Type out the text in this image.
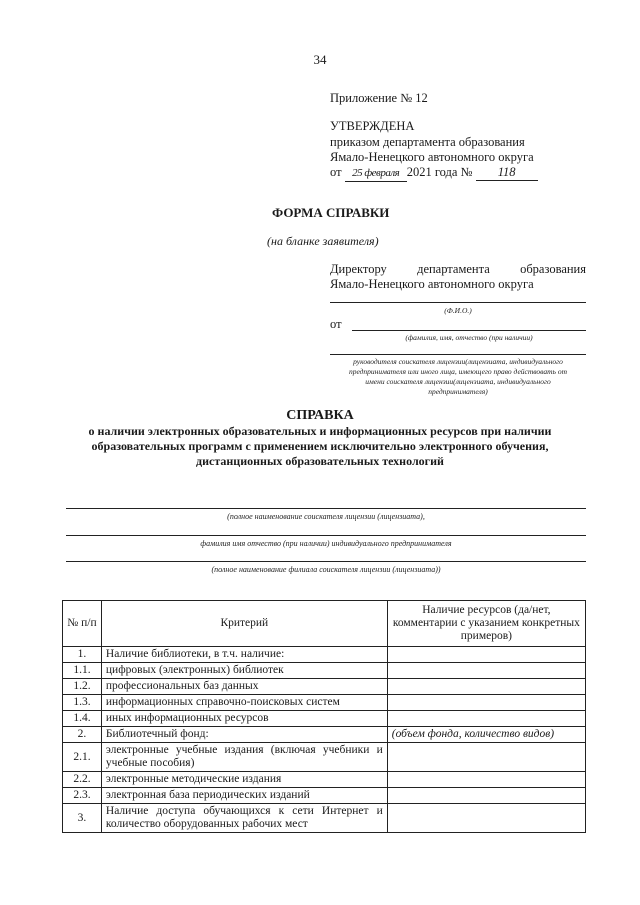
34
Приложение № 12
УТВЕРЖДЕНА
приказом департамента образования
Ямало-Ненецкого автономного округа
от 25 февраля 2021 года № 118
ФОРМА СПРАВКИ
(на бланке заявителя)
Директору департамента образования
Ямало-Ненецкого автономного округа
(Ф.И.О.)
от
(фамилия, имя, отчество (при наличии)
руководителя соискателя лицензии(лицензиата, индивидуального
предпринимателя или иного лица, имеющего право действовать от
имени соискателя лицензии(лицензиата, индивидуального
предпринимателя)
СПРАВКА
о наличии электронных образовательных и информационных ресурсов при наличии
образовательных программ с применением исключительно электронного обучения,
дистанционных образовательных технологий
(полное наименование соискателя лицензии (лицензиата),
фамилия имя отчество (при наличии) индивидуального предпринимателя
(полное наименование филиала соискателя лицензии (лицензиата))
№ п/п	Критерий	Наличие ресурсов (да/нет, комментарии с указанием конкретных примеров)
1.	Наличие библиотеки, в т.ч. наличие:	
1.1.	цифровых (электронных) библиотек	
1.2.	профессиональных баз данных	
1.3.	информационных справочно-поисковых систем	
1.4.	иных информационных ресурсов	
2.	Библиотечный фонд:	(объем фонда, количество видов)
2.1.	электронные учебные издания (включая учебники и учебные пособия)	
2.2.	электронные методические издания	
2.3.	электронная база периодических изданий	
3.	Наличие доступа обучающихся к сети Интернет и количество оборудованных рабочих мест	
